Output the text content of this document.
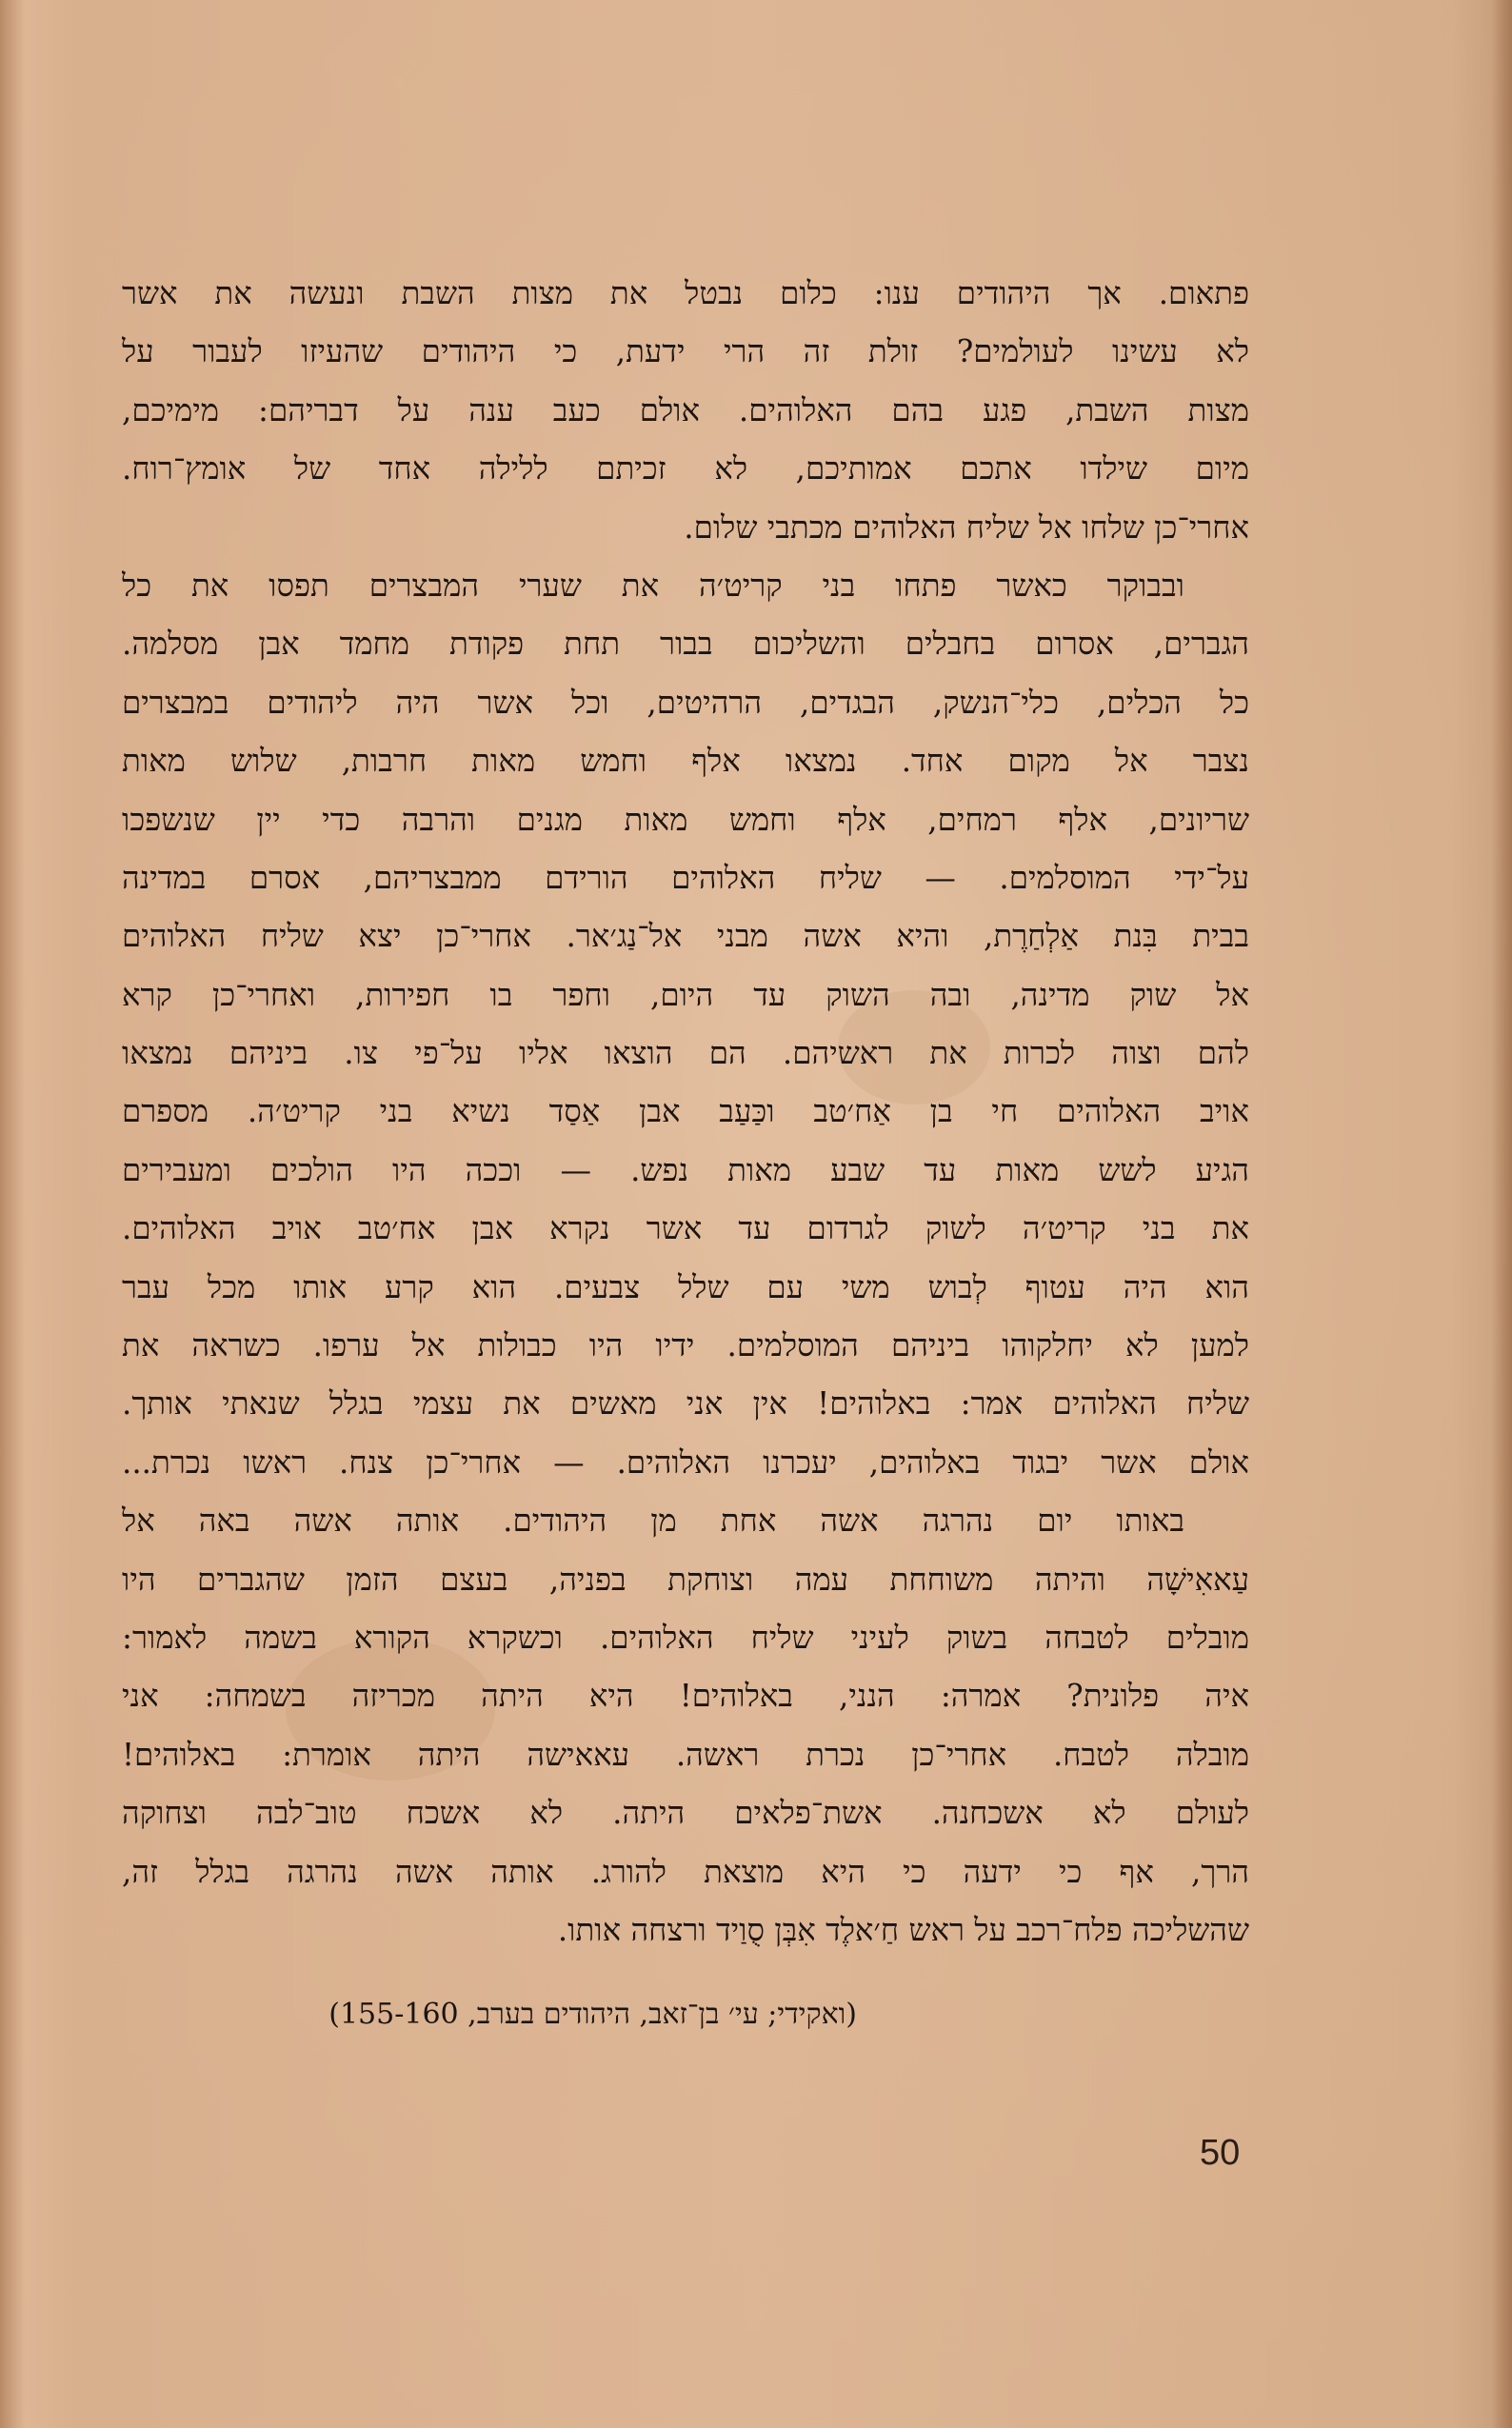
פתאום. אך היהודים ענו: כלום נבטל את מצות השבת ונעשה את אשר
לא עשינו לעולמים? זולת זה הרי ידעת, כי היהודים שהעיזו לעבור על
מצות השבת, פגע בהם האלוהים. אולם כעב ענה על דבריהם: מימיכם,
מיום שילדו אתכם אמותיכם, לא זכיתם ללילה אחד של אומץ־רוח.
אחרי־כן שלחו אל שליח האלוהים מכתבי שלום.
ובבוקר כאשר פתחו בני קריט׳ה את שערי המבצרים תפסו את כל
הגברים, אסרום בחבלים והשליכום בבור תחת פקודת מחמד אבן מסלמה.
כל הכלים, כלי־הנשק, הבגדים, הרהיטים, וכל אשר היה ליהודים במבצרים
נצבר אל מקום אחד. נמצאו אלף וחמש מאות חרבות, שלוש מאות
שריונים, אלף רמחים, אלף וחמש מאות מגנים והרבה כדי יין שנשפכו
על־ידי המוסלמים. — שליח האלוהים הורידם ממבצריהם, אסרם במדינה
בבית בִּנת אַלְחַרֶת, והיא אשה מבני אל־נַג׳אר. אחרי־כן יצא שליח האלוהים
אל שוק מדינה, ובה השוק עד היום, וחפר בו חפירות, ואחרי־כן קרא
להם וצוה לכרות את ראשיהם. הם הוצאו אליו על־פי צו. ביניהם נמצאו
אויב האלוהים חי בן אַח׳טב וכַּעַב אבן אַסַד נשיא בני קריט׳ה. מספרם
הגיע לשש מאות עד שבע מאות נפש. — וככה היו הולכים ומעבירים
את בני קריט׳ה לשוק לגרדום עד אשר נקרא אבן אח׳טב אויב האלוהים.
הוא היה עטוף לְבוש משי עם שלל צבעים. הוא קרע אותו מכל עבר
למען לא יחלקוהו ביניהם המוסלמים. ידיו היו כבולות אל ערפו. כשראה את
שליח האלוהים אמר: באלוהים! אין אני מאשים את עצמי בגלל שנאתי אותך.
אולם אשר יבגוד באלוהים, יעכרנו האלוהים. — אחרי־כן צנח. ראשו נכרת...
באותו יום נהרגה אשה אחת מן היהודים. אותה אשה באה אל
עַאאִישָׁה והיתה משוחחת עמה וצוחקת בפניה, בעצם הזמן שהגברים היו
מובלים לטבחה בשוק לעיני שליח האלוהים. וכשקרא הקורא בשמה לאמור:
איה פלונית? אמרה: הנני, באלוהים! היא היתה מכריזה בשמחה: אני
מובלה לטבח. אחרי־כן נכרת ראשה. עאאישה היתה אומרת: באלוהים!
לעולם לא אשכחנה. אשת־פלאים היתה. לא אשכח טוב־לבה וצחוקה
הרך, אף כי ידעה כי היא מוצאת להורג. אותה אשה נהרגה בגלל זה,
שהשליכה פלח־רכב על ראש חַ׳אלֶד אִבְּן סֻוַיד ורצחה אותו.
(ואקידי; עי׳ בן־זאב, היהודים בערב, 155-160)
50
